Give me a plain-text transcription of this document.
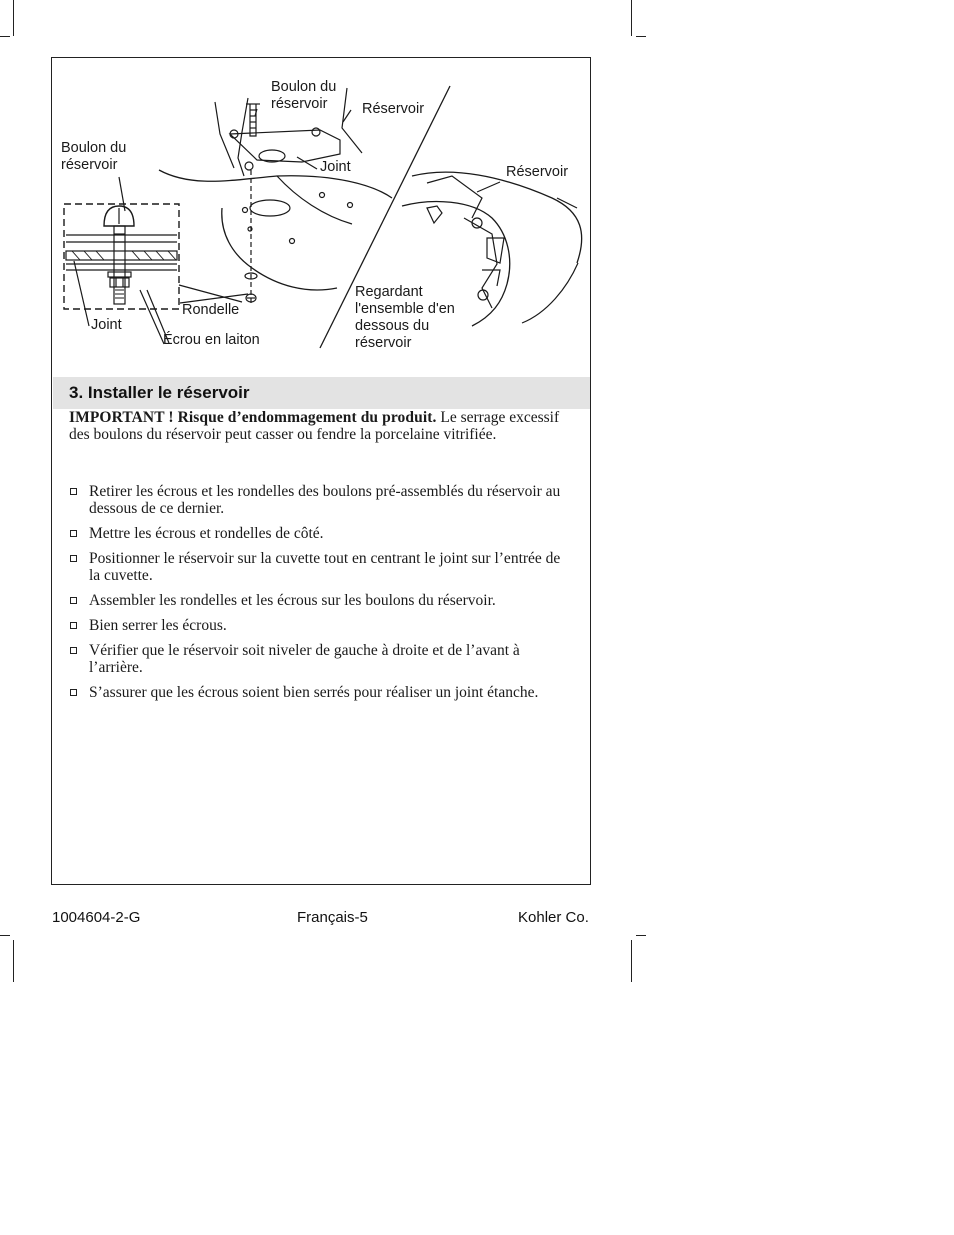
Boulon du
réservoir	Réservoir
Boulon du
réservoir	Joint	Réservoir
Regardant
l'ensemble d'en
dessous du
réservoir
Rondelle
Joint
Écrou en laiton
3. Installer le réservoir
IMPORTANT ! Risque d’endommagement du produit. Le serrage excessif des boulons du réservoir peut casser ou fendre la porcelaine vitrifiée.
Retirer les écrous et les rondelles des boulons pré-assemblés du réservoir au dessous de ce dernier.
Mettre les écrous et rondelles de côté.
Positionner le réservoir sur la cuvette tout en centrant le joint sur l’entrée de la cuvette.
Assembler les rondelles et les écrous sur les boulons du réservoir.
Bien serrer les écrous.
Vérifier que le réservoir soit niveler de gauche à droite et de l’avant à l’arrière.
S’assurer que les écrous soient bien serrés pour réaliser un joint étanche.
1004604-2-G	Français-5	Kohler Co.
